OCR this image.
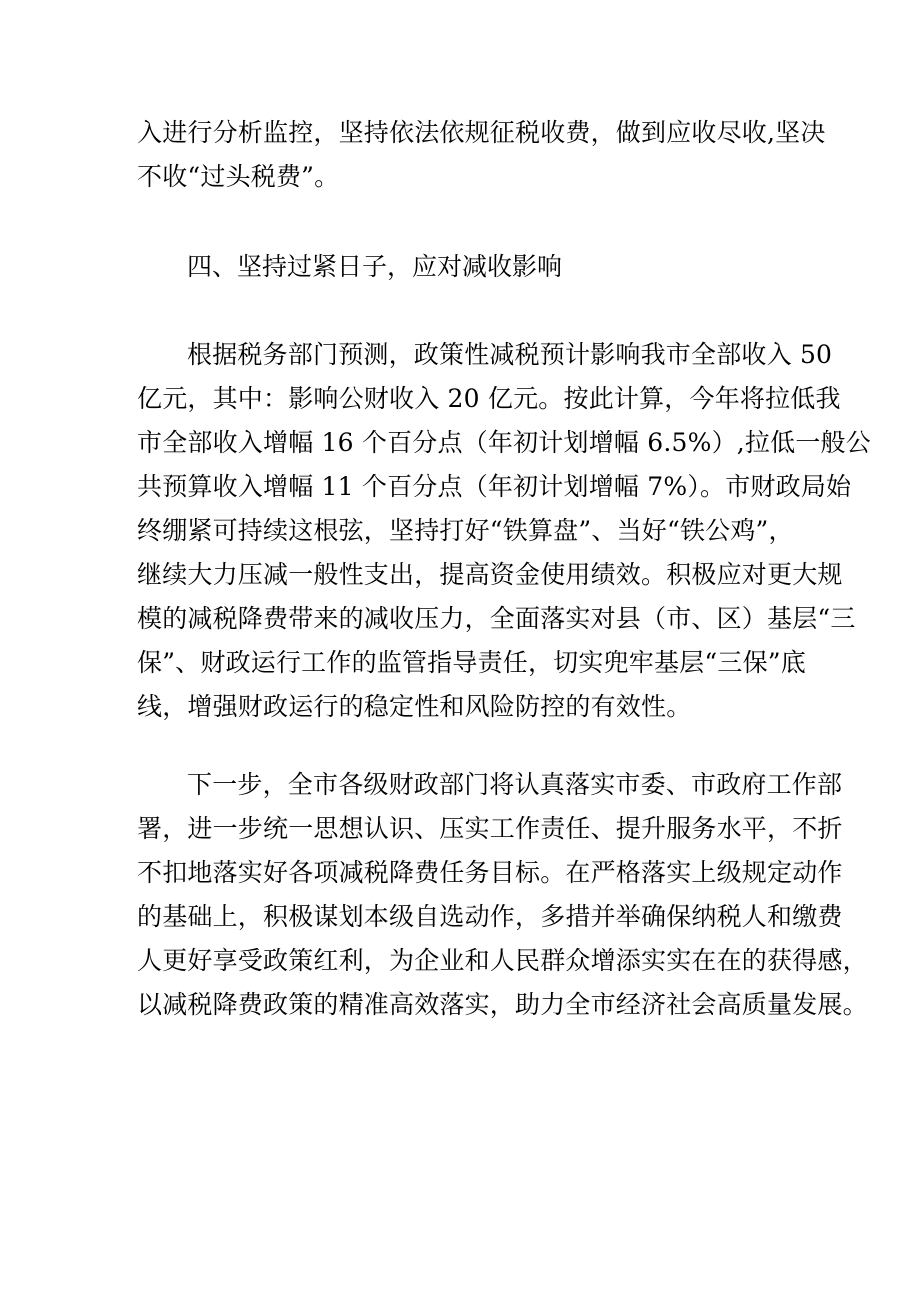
入进行分析监控，坚持依法依规征税收费，做到应收尽收,坚决
不收“过头税费”。
四、坚持过紧日子，应对减收影响
根据税务部门预测，政策性减税预计影响我市全部收入 50
亿元，其中：影响公财收入 20 亿元。按此计算，今年将拉低我
市全部收入增幅 16 个百分点（年初计划增幅 6.5%）,拉低一般公
共预算收入增幅 11 个百分点（年初计划增幅 7%）。市财政局始
终绷紧可持续这根弦，坚持打好“铁算盘”、当好“铁公鸡”，
继续大力压减一般性支出，提高资金使用绩效。积极应对更大规
模的减税降费带来的减收压力，全面落实对县（市、区）基层“三
保”、财政运行工作的监管指导责任，切实兜牢基层“三保”底
线，增强财政运行的稳定性和风险防控的有效性。
下一步，全市各级财政部门将认真落实市委、市政府工作部
署，进一步统一思想认识、压实工作责任、提升服务水平，不折
不扣地落实好各项减税降费任务目标。在严格落实上级规定动作
的基础上，积极谋划本级自选动作，多措并举确保纳税人和缴费
人更好享受政策红利，为企业和人民群众增添实实在在的获得感，
以减税降费政策的精准高效落实，助力全市经济社会高质量发展。
